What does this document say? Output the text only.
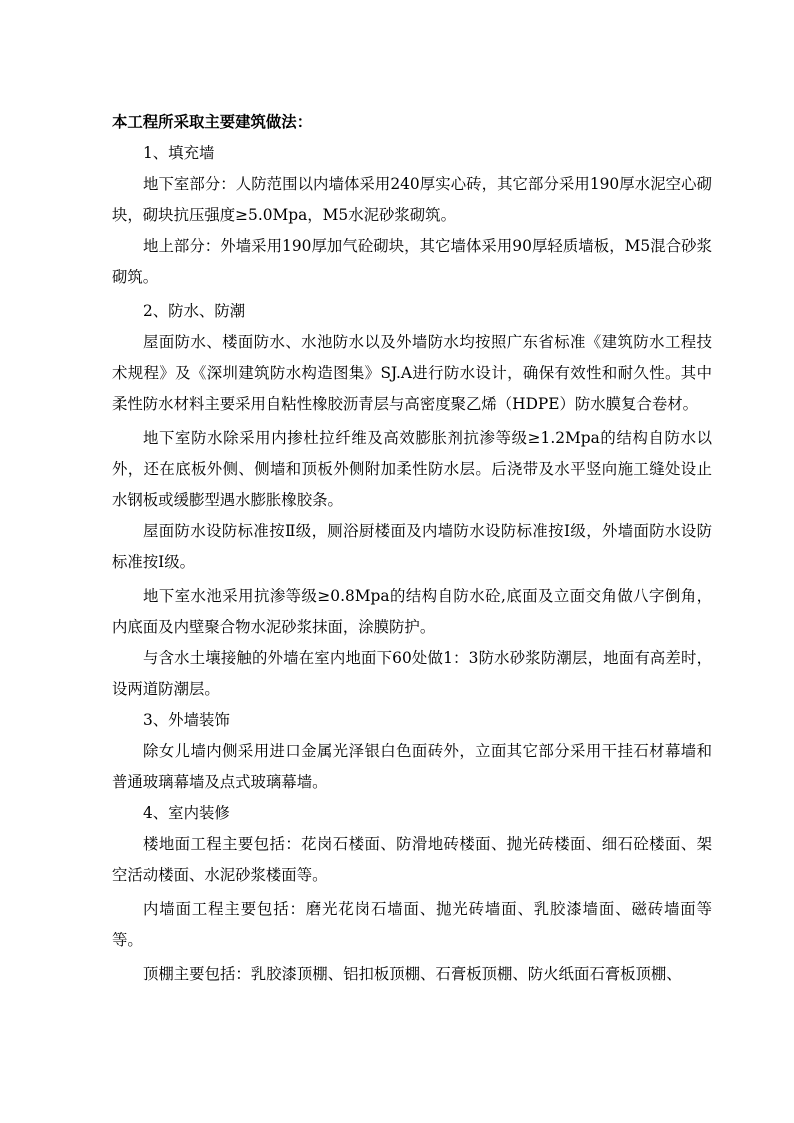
本工程所采取主要建筑做法：

1、填充墙

地下室部分：人防范围以内墙体采用240厚实心砖，其它部分采用190厚水泥空心砌块，砌块抗压强度≥5.0Mpa，M5水泥砂浆砌筑。

地上部分：外墙采用190厚加气砼砌块，其它墙体采用90厚轻质墙板，M5混合砂浆砌筑。

2、防水、防潮

屋面防水、楼面防水、水池防水以及外墙防水均按照广东省标准《建筑防水工程技术规程》及《深圳建筑防水构造图集》SJ.A进行防水设计，确保有效性和耐久性。其中柔性防水材料主要采用自粘性橡胶沥青层与高密度聚乙烯（HDPE）防水膜复合卷材。

地下室防水除采用内掺杜拉纤维及高效膨胀剂抗渗等级≥1.2Mpa的结构自防水以外，还在底板外侧、侧墙和顶板外侧附加柔性防水层。后浇带及水平竖向施工缝处设止水钢板或缓膨型遇水膨胀橡胶条。

屋面防水设防标准按Ⅱ级，厕浴厨楼面及内墙防水设防标准按Ⅰ级，外墙面防水设防标准按Ⅰ级。

地下室水池采用抗渗等级≥0.8Mpa的结构自防水砼,底面及立面交角做八字倒角，内底面及内壁聚合物水泥砂浆抹面，涂膜防护。

与含水土壤接触的外墙在室内地面下60处做1：3防水砂浆防潮层，地面有高差时，设两道防潮层。

3、外墙装饰

除女儿墙内侧采用进口金属光泽银白色面砖外，立面其它部分采用干挂石材幕墙和普通玻璃幕墙及点式玻璃幕墙。

4、室内装修

楼地面工程主要包括：花岗石楼面、防滑地砖楼面、抛光砖楼面、细石砼楼面、架空活动楼面、水泥砂浆楼面等。

内墙面工程主要包括：磨光花岗石墙面、抛光砖墙面、乳胶漆墙面、磁砖墙面等等。

顶棚主要包括：乳胶漆顶棚、铝扣板顶棚、石膏板顶棚、防火纸面石膏板顶棚、
